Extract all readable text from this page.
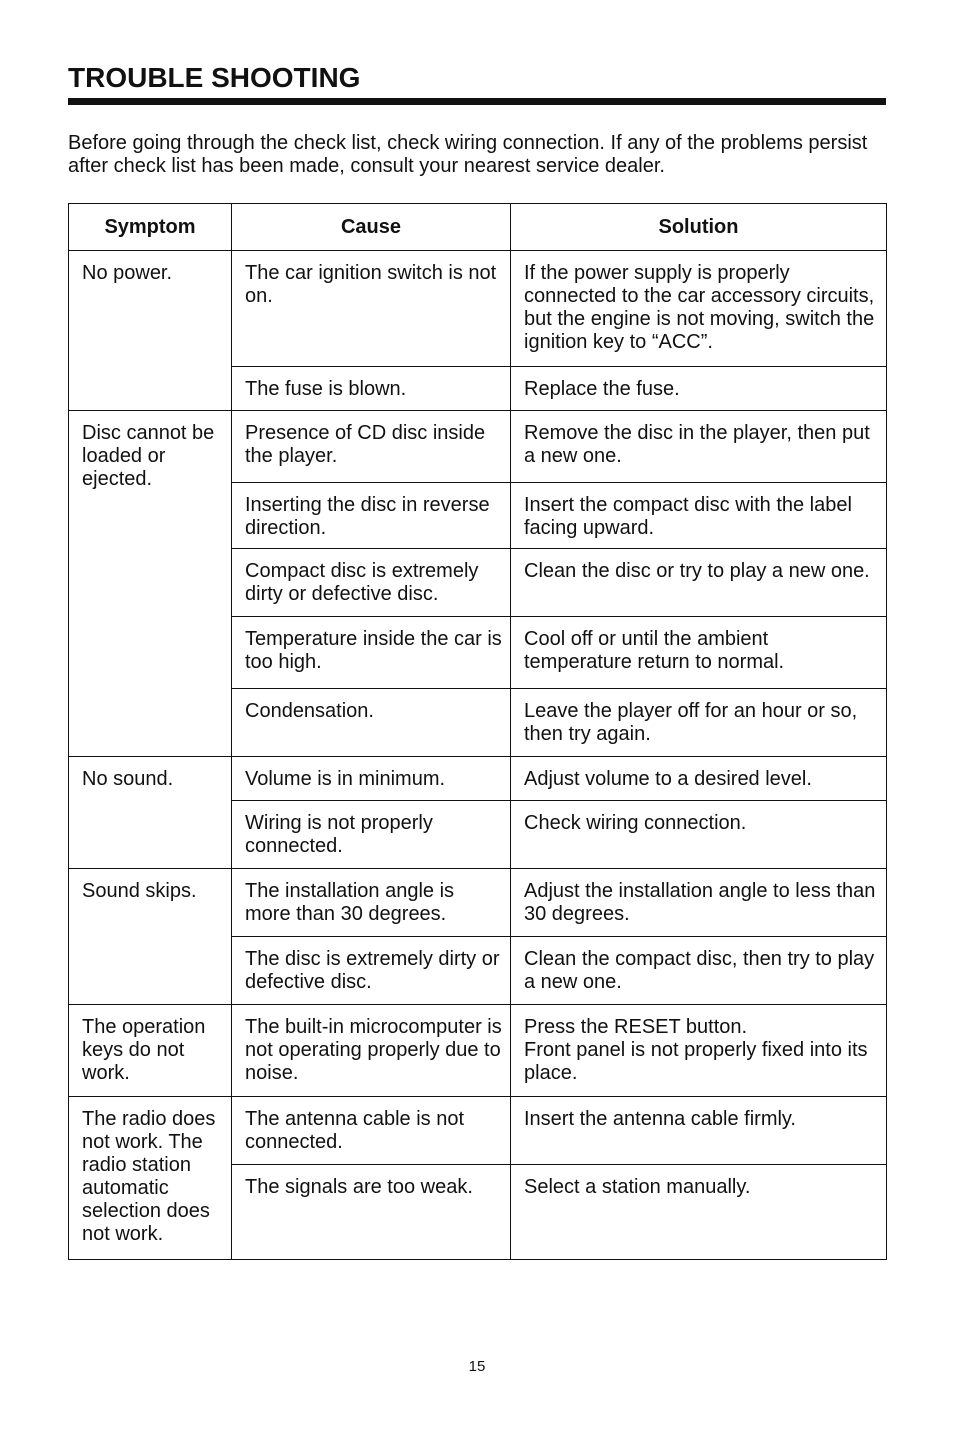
TROUBLE SHOOTING

Before going through the check list, check wiring connection. If any of the problems persist after check list has been made, consult your nearest service dealer.

Symptom	Cause	Solution
No power.	The car ignition switch is not on.	If the power supply is properly connected to the car accessory circuits, but the engine is not moving, switch the ignition key to “ACC”.
	The fuse is blown.	Replace the fuse.
Disc cannot be loaded or ejected.	Presence of CD disc inside the player.	Remove the disc in the player, then put a new one.
	Inserting the disc in reverse direction.	Insert the compact disc with the label facing upward.
	Compact disc is extremely dirty or defective disc.	Clean the disc or try to play a new one.
	Temperature inside the car is too high.	Cool off or until the ambient temperature return to normal.
	Condensation.	Leave the player off for an hour or so, then try again.
No sound.	Volume is in minimum.	Adjust volume to a desired level.
	Wiring is not properly connected.	Check wiring connection.
Sound skips.	The installation angle is more than 30 degrees.	Adjust the installation angle to less than 30 degrees.
	The disc is extremely dirty or defective disc.	Clean the compact disc, then try to play a new one.
The operation keys do not work.	The built-in microcomputer is not operating properly due to noise.	Press the RESET button.
Front panel is not properly fixed into its place.

The radio does not work. The radio station automatic selection does not work.	The antenna cable is not connected.	Insert the antenna cable firmly.
	The signals are too weak.	Select a station manually.
15
